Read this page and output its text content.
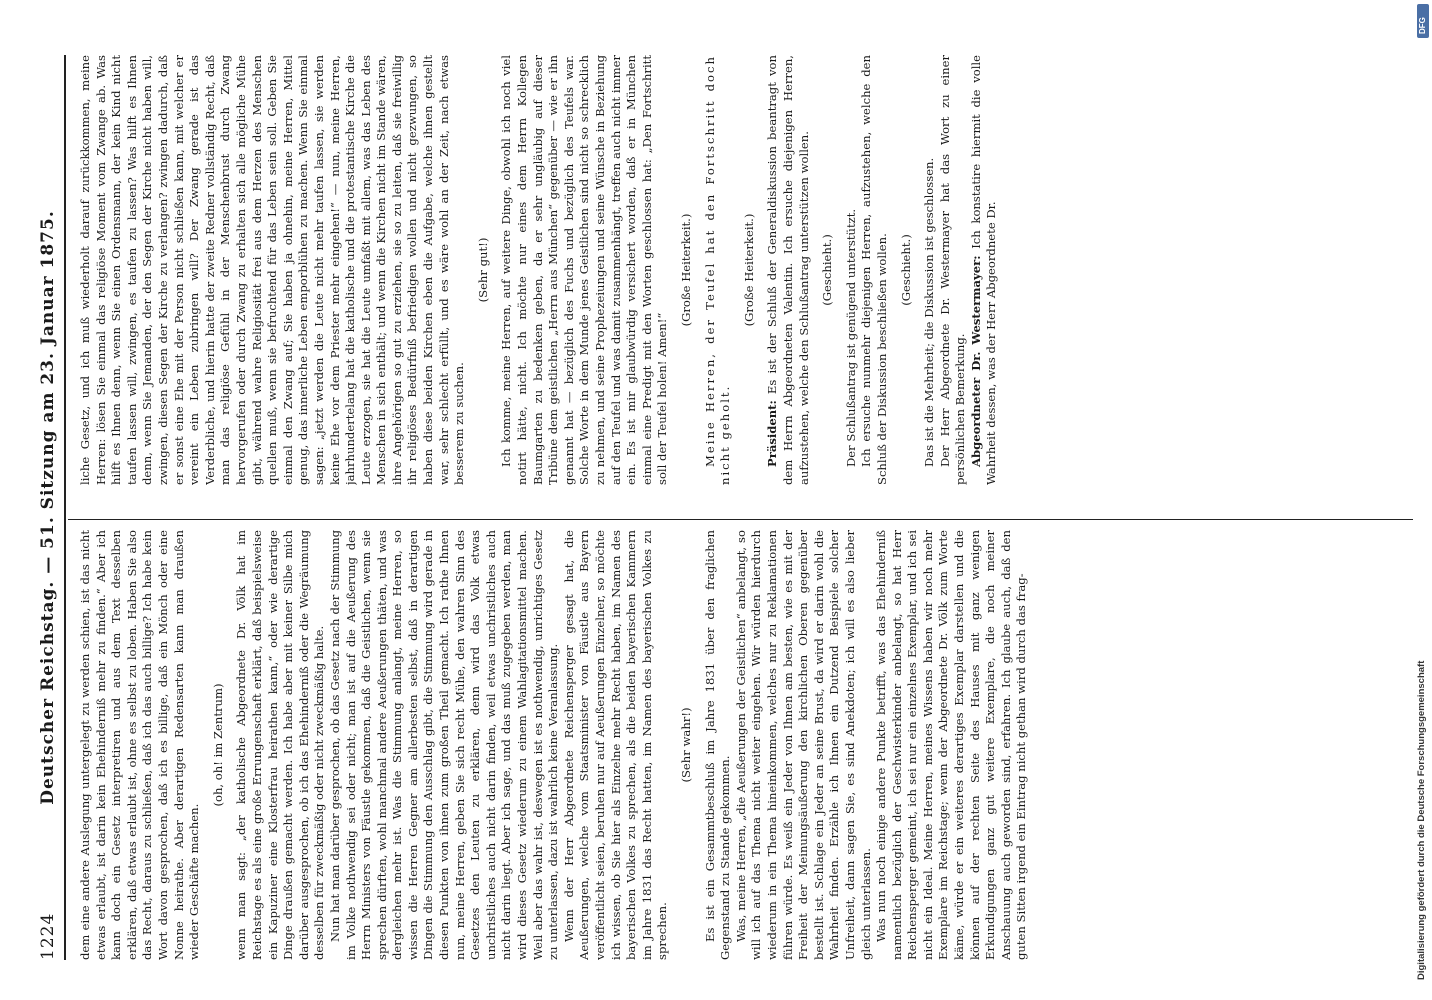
1224
Deutscher Reichstag. — 51. Sitzung am 23. Januar 1875. dem eine andere Auslegung untergelegt zu werden schien, ist das nicht etwas erlaubt, ist darin kein Ehehinderniß mehr zu finden.“ Aber ich kann doch ein Gesetz interpretiren und aus dem Text desselben erklären, daß etwas erlaubt ist, ohne es selbst zu loben. Haben Sie also das Recht, daraus zu schließen, daß ich das auch billige? Ich habe kein Wort davon gesprochen, daß ich es billige, daß ein Mönch oder eine Nonne heirathe. Aber derartigen Redensarten kann man draußen wieder Geschäfte machen.

(oh, oh! im Zentrum) wenn man sagt: „der katholische Abgeordnete Dr. Völk hat im Reichstage es als eine große Errungenschaft erklärt, daß beispielsweise ein Kapuziner eine Klosterfrau heirathen kann,“ oder wie derartige Dinge draußen gemacht werden. Ich habe aber mit keiner Silbe mich darüber ausgesprochen, ob ich das Ehehinderniß oder die Wegräumung desselben für zweckmäßig oder nicht zweckmäßig halte. Nun hat man darüber gesprochen, ob das Gesetz nach der Stimmung im Volke nothwendig sei oder nicht; man ist auf die Aeußerung des Herrn Ministers von Fäustle gekommen, daß die Geistlichen, wenn sie sprechen dürften, wohl manchmal andere Aeußerungen thäten, und was dergleichen mehr ist. Was die Stimmung anlangt, meine Herren, so wissen die Herren Gegner am allerbesten selbst, daß in derartigen Dingen die Stimmung den Ausschlag gibt, die Stimmung wird gerade in diesen Punkten von ihnen zum großen Theil gemacht. Ich rathe Ihnen nun, meine Herren, geben Sie sich recht Mühe, den wahren Sinn des Gesetzes den Leuten zu erklären, denn wird das Volk etwas unchristliches auch nicht darin finden, weil etwas unchristliches auch nicht darin liegt. Aber ich sage, und das muß zugegeben werden, man wird dieses Gesetz wiederum zu einem Wahlagitationsmittel machen. Weil aber das wahr ist, deswegen ist es nothwendig, unrichtiges Gesetz zu unterlassen, dazu ist wahrlich keine Veranlassung. Wenn der Herr Abgeordnete Reichensperger gesagt hat, die Aeußerungen, welche vom Staatsminister von Fäustle aus Bayern veröffentlicht seien, beruhen nur auf Aeußerungen Einzelner, so möchte ich wissen, ob Sie hier als Einzelne mehr Recht haben, im Namen des bayerischen Volkes zu sprechen, als die beiden bayerischen Kammern im Jahre 1831 das Recht hatten, im Namen des bayerischen Volkes zu sprechen.

(Sehr wahr!) Es ist ein Gesammtbeschluß im Jahre 1831 über den fraglichen Gegenstand zu Stande gekommen. Was, meine Herren, „die Aeußerungen der Geistlichen“ anbelangt, so will ich auf das Thema nicht weiter eingehen. Wir würden hierdurch wiederum in ein Thema hineinkommen, welches nur zu Reklamationen führen würde. Es weiß ein Jeder von Ihnen am besten, wie es mit der Freiheit der Meinungsäußerung den kirchlichen Oberen gegenüber bestellt ist. Schlage ein Jeder an seine Brust, da wird er darin wohl die Wahrheit finden. Erzähle ich Ihnen ein Dutzend Beispiele solcher Unfreiheit, dann sagen Sie, es sind Anekdoten; ich will es also lieber gleich unterlassen. Was nun noch einige andere Punkte betrifft, was das Ehehinderniß namentlich bezüglich der Geschwisterkinder anbelangt, so hat Herr Reichensperger gemeint, ich sei nur ein einzelnes Exemplar, und ich sei nicht ein Ideal. Meine Herren, meines Wissens haben wir noch mehr Exemplare im Reichstage; wenn der Abgeordnete Dr. Völk zum Worte käme, würde er ein weiteres derartiges Exemplar darstellen und die können auf der rechten Seite des Hauses mit ganz wenigen Erkundigungen ganz gut weitere Exemplare, die noch meiner Anschauung auch geworden sind, erfahren. Ich glaube auch, daß den guten Sitten irgend ein Eintrag nicht gethan wird durch das frag-

liche Gesetz, und ich muß wiederholt darauf zurückkommen, meine Herren: lösen Sie einmal das religiöse Moment vom Zwange ab. Was hilft es Ihnen denn, wenn Sie einen Ordensmann, der kein Kind nicht taufen lassen will, zwingen, es taufen zu lassen? Was hilft es Ihnen denn, wenn Sie Jemanden, der den Segen der Kirche nicht haben will, zwingen, diesen Segen der Kirche zu verlangen? zwingen dadurch, daß er sonst eine Ehe mit der Person nicht schließen kann, mit welcher er vereint ein Leben zubringen will? Der Zwang gerade ist das Verderbliche, und hierin hatte der zweite Redner vollständig Recht, daß man das religiöse Gefühl in der Menschenbrust durch Zwang hervorgerufen oder durch Zwang zu erhalten sich alle mögliche Mühe gibt, während wahre Religiosität frei aus dem Herzen des Menschen quellen muß, wenn sie befruchtend für das Leben sein soll. Geben Sie einmal den Zwang auf; Sie haben ja ohnehin, meine Herren, Mittel genug, das innerliche Leben emporblühen zu machen. Wenn Sie einmal sagen: „jetzt werden die Leute nicht mehr taufen lassen, sie werden keine Ehe vor dem Priester mehr eingehen!“ — nun, meine Herren, jahrhundertelang hat die katholische und die protestantische Kirche die Leute erzogen, sie hat die Leute umfaßt mit allem, was das Leben des Menschen in sich enthält; und wenn die Kirchen nicht im Stande wären, ihre Angehörigen so gut zu erziehen, sie so zu leiten, daß sie freiwillig ihr religiöses Bedürfniß befriedigen wollen und nicht gezwungen, so haben diese beiden Kirchen eben die Aufgabe, welche ihnen gestellt war, sehr schlecht erfüllt, und es wäre wohl an der Zeit, nach etwas besserem zu suchen.

(Sehr gut!) Ich komme, meine Herren, auf weitere Dinge, obwohl ich noch viel notirt hätte, nicht. Ich möchte nur eines dem Herrn Kollegen Baumgarten zu bedenken geben, da er sehr ungläubig auf dieser Tribüne dem geistlichen „Herrn aus München“ gegenüber — wie er ihn genannt hat — bezüglich des Fuchs und bezüglich des Teufels war. Solche Worte in dem Munde jenes Geistlichen sind nicht so schrecklich zu nehmen, und seine Prophezeiungen und seine Wünsche in Beziehung auf den Teufel und was damit zusammenhängt, treffen auch nicht immer ein. Es ist mir glaubwürdig versichert worden, daß er in München einmal eine Predigt mit den Worten geschlossen hat: „Den Fortschritt soll der Teufel holen! Amen!“

(Große Heiterkeit.) Meine Herren, der Teufel hat den Fortschritt doch nicht geholt.

(Große Heiterkeit.)

Präsident: Es ist der Schluß der Generaldiskussion beantragt von dem Herrn Abgeordneten Valentin. Ich ersuche diejenigen Herren, aufzustehen, welche den Schlußantrag unterstützen wollen. (Geschieht.) Der Schlußantrag ist genügend unterstützt. Ich ersuche nunmehr diejenigen Herren, aufzustehen, welche den Schluß der Diskussion beschließen wollen. (Geschieht.) Das ist die Mehrheit; die Diskussion ist geschlossen. Der Herr Abgeordnete Dr. Westermayer hat das Wort zu einer persönlichen Bemerkung. Abgeordneter Dr. Westermayer: Ich konstatire hiermit die volle Wahrheit dessen, was der Herr Abgeordnete Dr.

Digitalisierung gefördert durch die Deutsche Forschungsgemeinschaft
DFG
